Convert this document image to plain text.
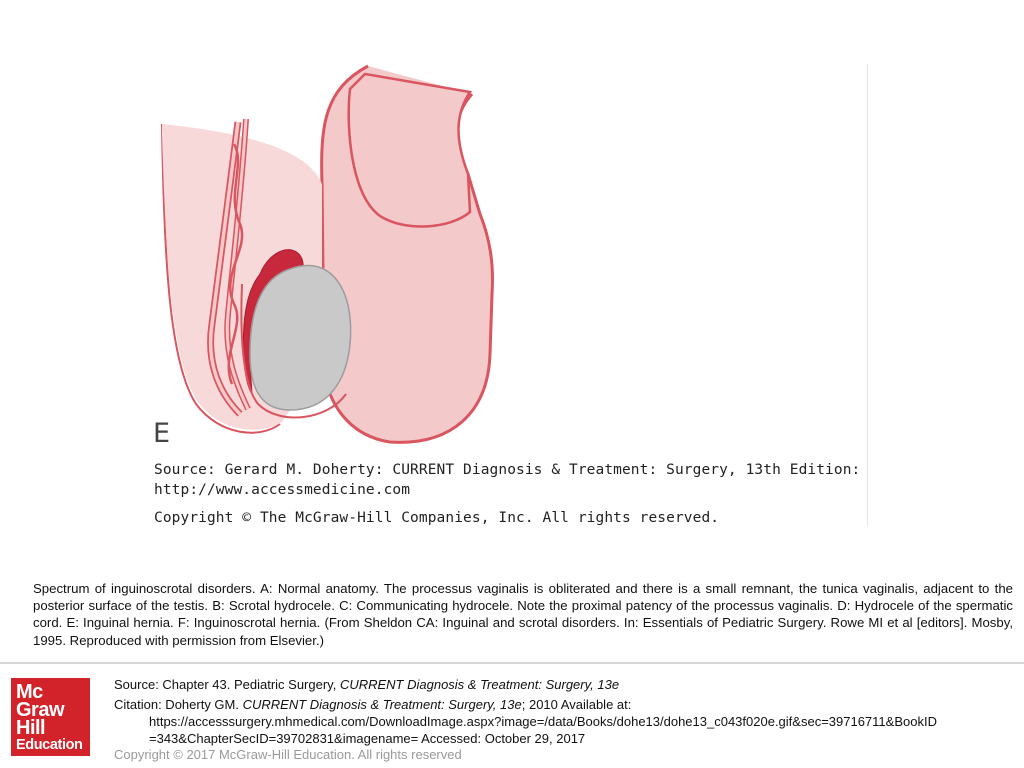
E
Source: Gerard M. Doherty: CURRENT Diagnosis & Treatment: Surgery, 13th Edition:
http://www.accessmedicine.com
Copyright © The McGraw-Hill Companies, Inc. All rights reserved.
Spectrum of inguinoscrotal disorders. A: Normal anatomy. The processus vaginalis is obliterated and there is a small remnant, the tunica vaginalis, adjacent to the posterior surface of the testis. B: Scrotal hydrocele. C: Communicating hydrocele. Note the proximal patency of the processus vaginalis. D: Hydrocele of the spermatic cord. E: Inguinal hernia. F: Inguinoscrotal hernia. (From Sheldon CA: Inguinal and scrotal disorders. In: Essentials of Pediatric Surgery. Rowe MI et al [editors]. Mosby, 1995. Reproduced with permission from Elsevier.)
Mc
Graw
Hill
Education
Source: Chapter 43. Pediatric Surgery, CURRENT Diagnosis & Treatment: Surgery, 13e
Citation: Doherty GM. CURRENT Diagnosis & Treatment: Surgery, 13e; 2010 Available at:
https://accesssurgery.mhmedical.com/DownloadImage.aspx?image=/data/Books/dohe13/dohe13_c043f020e.gif&sec=39716711&BookID
=343&ChapterSecID=39702831&imagename= Accessed: October 29, 2017
Copyright © 2017 McGraw-Hill Education. All rights reserved
